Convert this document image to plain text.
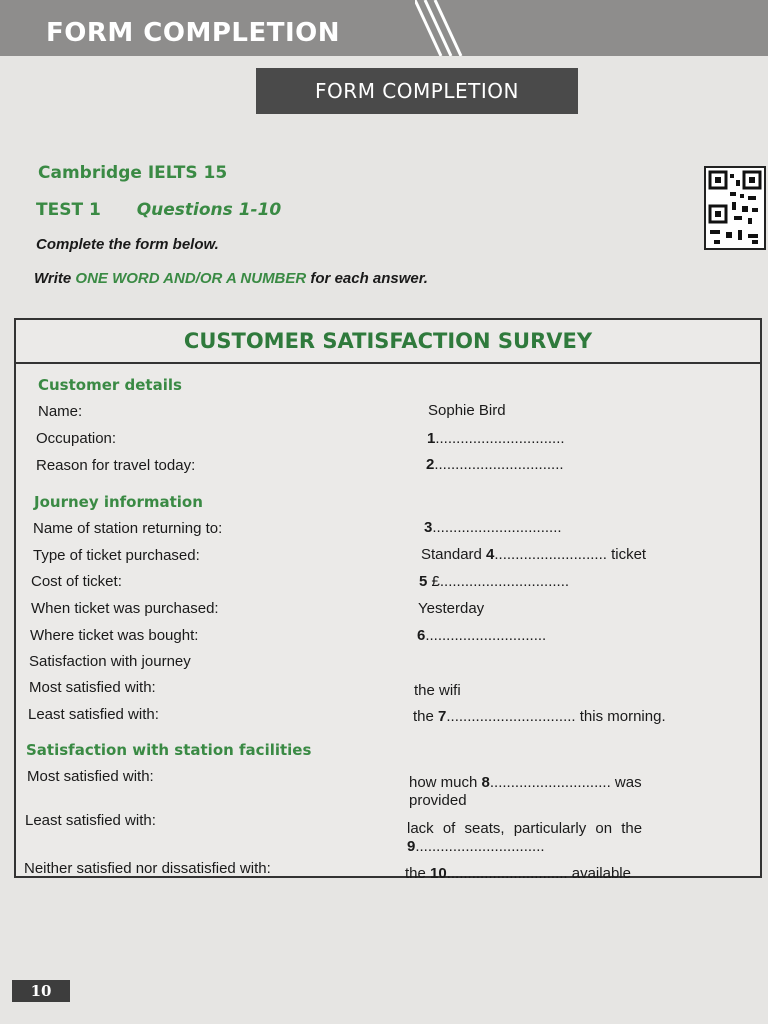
FORM COMPLETION
FORM COMPLETION
Cambridge IELTS 15
TEST 1 Questions 1-10
Complete the form below.
Write ONE WORD AND/OR A NUMBER for each answer.
CUSTOMER SATISFACTION SURVEY
Customer details
Name:	Sophie Bird
Occupation:	1...............................
Reason for travel today:	2...............................
Journey information
Name of station returning to:	3...............................
Type of ticket purchased:	Standard 4........................... ticket
Cost of ticket:	5 £...............................
When ticket was purchased:	Yesterday
Where ticket was bought:	6.............................
Satisfaction with journey
Most satisfied with:	the wifi
Least satisfied with:	the 7............................... this morning.
Satisfaction with station facilities
Most satisfied with:	how much 8............................. was
provided
Least satisfied with:	lack of seats, particularly on the
9...............................
Neither satisfied nor dissatisfied with:	the 10............................. available
10
